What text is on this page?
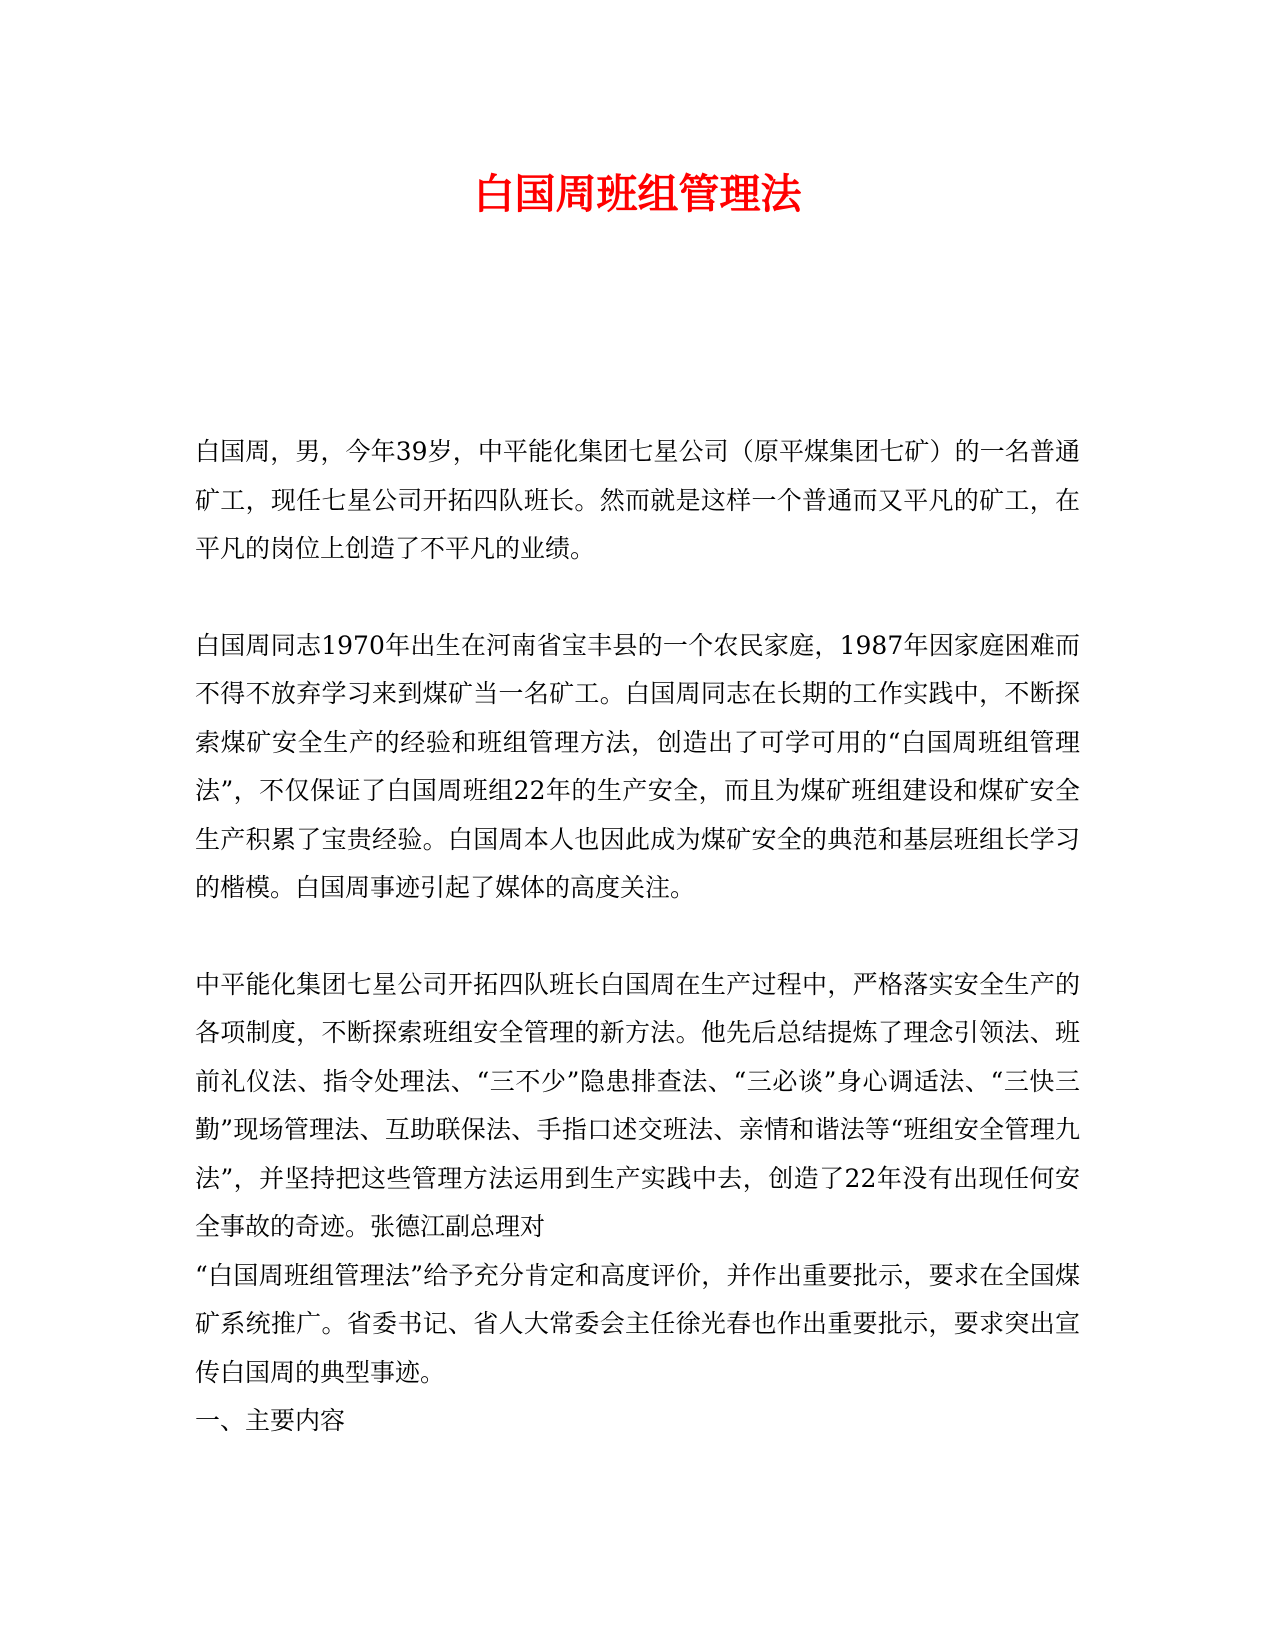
白国周班组管理法

白国周，男，今年39岁，中平能化集团七星公司（原平煤集团七矿）的一名普通矿工，现任七星公司开拓四队班长。然而就是这样一个普通而又平凡的矿工，在平凡的岗位上创造了不平凡的业绩。

白国周同志1970年出生在河南省宝丰县的一个农民家庭，1987年因家庭困难而不得不放弃学习来到煤矿当一名矿工。白国周同志在长期的工作实践中，不断探索煤矿安全生产的经验和班组管理方法，创造出了可学可用的“白国周班组管理法”，不仅保证了白国周班组22年的生产安全，而且为煤矿班组建设和煤矿安全生产积累了宝贵经验。白国周本人也因此成为煤矿安全的典范和基层班组长学习的楷模。白国周事迹引起了媒体的高度关注。

中平能化集团七星公司开拓四队班长白国周在生产过程中，严格落实安全生产的各项制度，不断探索班组安全管理的新方法。他先后总结提炼了理念引领法、班前礼仪法、指令处理法、“三不少”隐患排查法、“三必谈”身心调适法、“三快三勤”现场管理法、互助联保法、手指口述交班法、亲情和谐法等“班组安全管理九法”，并坚持把这些管理方法运用到生产实践中去，创造了22年没有出现任何安全事故的奇迹。张德江副总理对

“白国周班组管理法”给予充分肯定和高度评价，并作出重要批示，要求在全国煤矿系统推广。省委书记、省人大常委会主任徐光春也作出重要批示，要求突出宣传白国周的典型事迹。

一、主要内容
